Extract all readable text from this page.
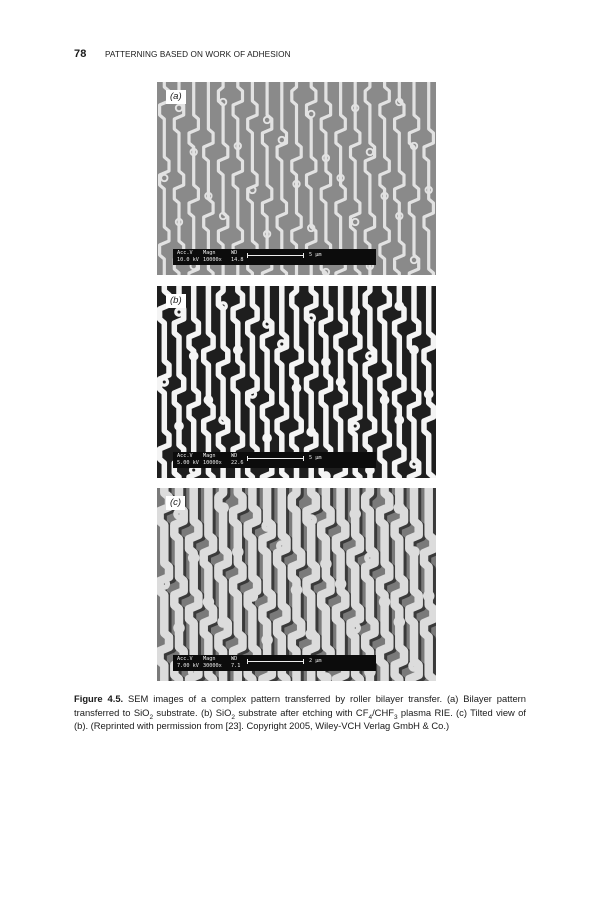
78 PATTERNING BASED ON WORK OF ADHESION
(a)
Acc.V
10.0 kV
Magn
10000x
WD
14.8
5 μm
(b)
Acc.V
5.00 kV
Magn
10000x
WD
22.6
5 μm
(c)
Acc.V
7.00 kV
Magn
30000x
WD
7.1
2 μm
Figure 4.5. SEM images of a complex pattern transferred by roller bilayer transfer. (a) Bilayer pattern transferred to SiO$_2$ substrate. (b) SiO$_2$ substrate after etching with $CF_4/CHF_3$ plasma RIE. (c) Tilted view of (b). (Reprinted with permission from [23]. Copyright 2005, Wiley-VCH Verlag GmbH & Co.)
